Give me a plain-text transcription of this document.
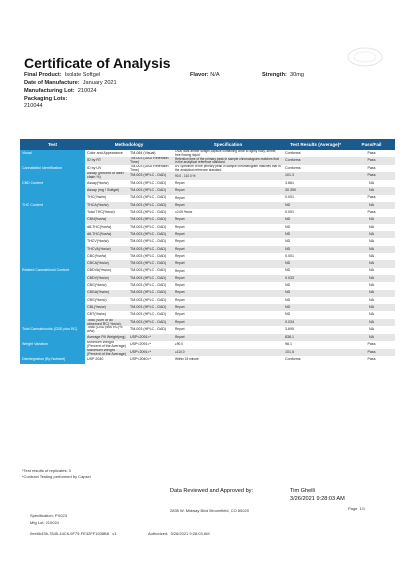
Certificate of Analysis
Final Product: Isolate Softgel	Flavor: N/A	Strength: 30mg
Date of Manufacture: January 2021
Manufacturing Lot: 210024
Packaging Lots:
210044
Test	Methodology		Specification	Test Results (Average)*	Pass/Fail
Visual	Color and Appearance	TM-084 (Visual)	Oval, dark amber softgel capsule containing clear to lightly hazy, amber, free flowing liquid.	Conforms	Pass
	ID by RT	TM-003 (DAD Retention Time)	Retention time of the primary peak in sample chromatogram matches that in the analytical reference standard.	Conforms	Pass
Cannabidiol Identification	ID by UV	TM-003 (DAD Retention Time)	UV Spectrum of the primary peak in sample chromatogram matches that in the analytical reference standard.	Conforms	Pass
	Assay (percent of label claim %)	TM-003 (HPLC - DAD)	90.0 - 110.0 %	101.3	Pass
CBD Content	Assay(%w/w)	TM-003 (HPLC - DAD)	Report	3.661	NA
	Assay (mg / Softgel)	TM-003 (HPLC - DAD)	Report	30.390	NA
	THC(%w/w)	TM-003 (HPLC - DAD)	Report	0.001	Pass
THC Content	THCA(%w/w)	TM-003 (HPLC - DAD)	Report	ND	NA
	Total THC(%w/w)	TM-003 (HPLC - DAD)	≤0.05 %w/w	0.001	Pass
	CBN(%w/w)	TM-003 (HPLC - DAD)	Report	ND	NA
	d8-THC(%w/w)	TM-003 (HPLC - DAD)	Report	ND	NA
	d8-THC(%w/w)	TM-003 (HPLC - DAD)	Report	ND	NA
	THCV(%w/w)	TM-003 (HPLC - DAD)	Report	ND	NA
	THCVA(%w/w)	TM-003 (HPLC - DAD)	Report	ND	NA
	CBC(%w/w)	TM-003 (HPLC - DAD)	Report	0.001	NA
	CBCA(%w/w)	TM-003 (HPLC - DAD)	Report	ND	NA
Related Cannabinoid Content	CBDVA(%w/w)	TM-003 (HPLC - DAD)	Report	ND	NA
	CBDV(%w/w)	TM-003 (HPLC - DAD)	Report	0.033	NA
	CBG(%w/w)	TM-003 (HPLC - DAD)	Report	ND	NA
	CBGA(%w/w)	TM-003 (HPLC - DAD)	Report	ND	NA
	CBG(%w/w)	TM-003 (HPLC - DAD)	Report	ND	NA
	CBL(%w/w)	TM-003 (HPLC - DAD)	Report	ND	NA
	CBT(%w/w)	TM-003 (HPLC - DAD)	Report	ND	NA
	Total (Sum of all observed RC) %w/w)	TM-003 (HPLC - DAD)	Report	0.034	NA
Total Cannabinoids (CBD plus RC)	Total (CBD plus RC)% w/w)	TM-003 (HPLC - DAD)	Report	3.695	NA
	Average Fill Weight(mg)	USP<2091>*	Report	838.1	NA
Weight Variation	Minimum Weight (Percent of the Average)	USP<2091>*	≥90.0	98.1	Pass
	Maximum Weight (Percent of the Average)	USP<2091>*	≤110.0	101.5	Pass
Disintegration (By Nutriant)	USP 2040	USP<2040>*	Within 15 minute	Conforms	Pass
*Test results of replicates: 3
*Contract Testing performed by Capsel
Data Reviewed and Approved by:	Tim Ghelli
3/26/2021 9:28:03 AM
Specification: PX023
Mfg Lot: 210024
2835 W. Midway Blvd Broomfield, CO 80020	Page 1/1
0ee6b436-7845-44C6-9F79-FE32FF1938B8 v1	Authorized: 3/26/2021 9:28:03 AM
